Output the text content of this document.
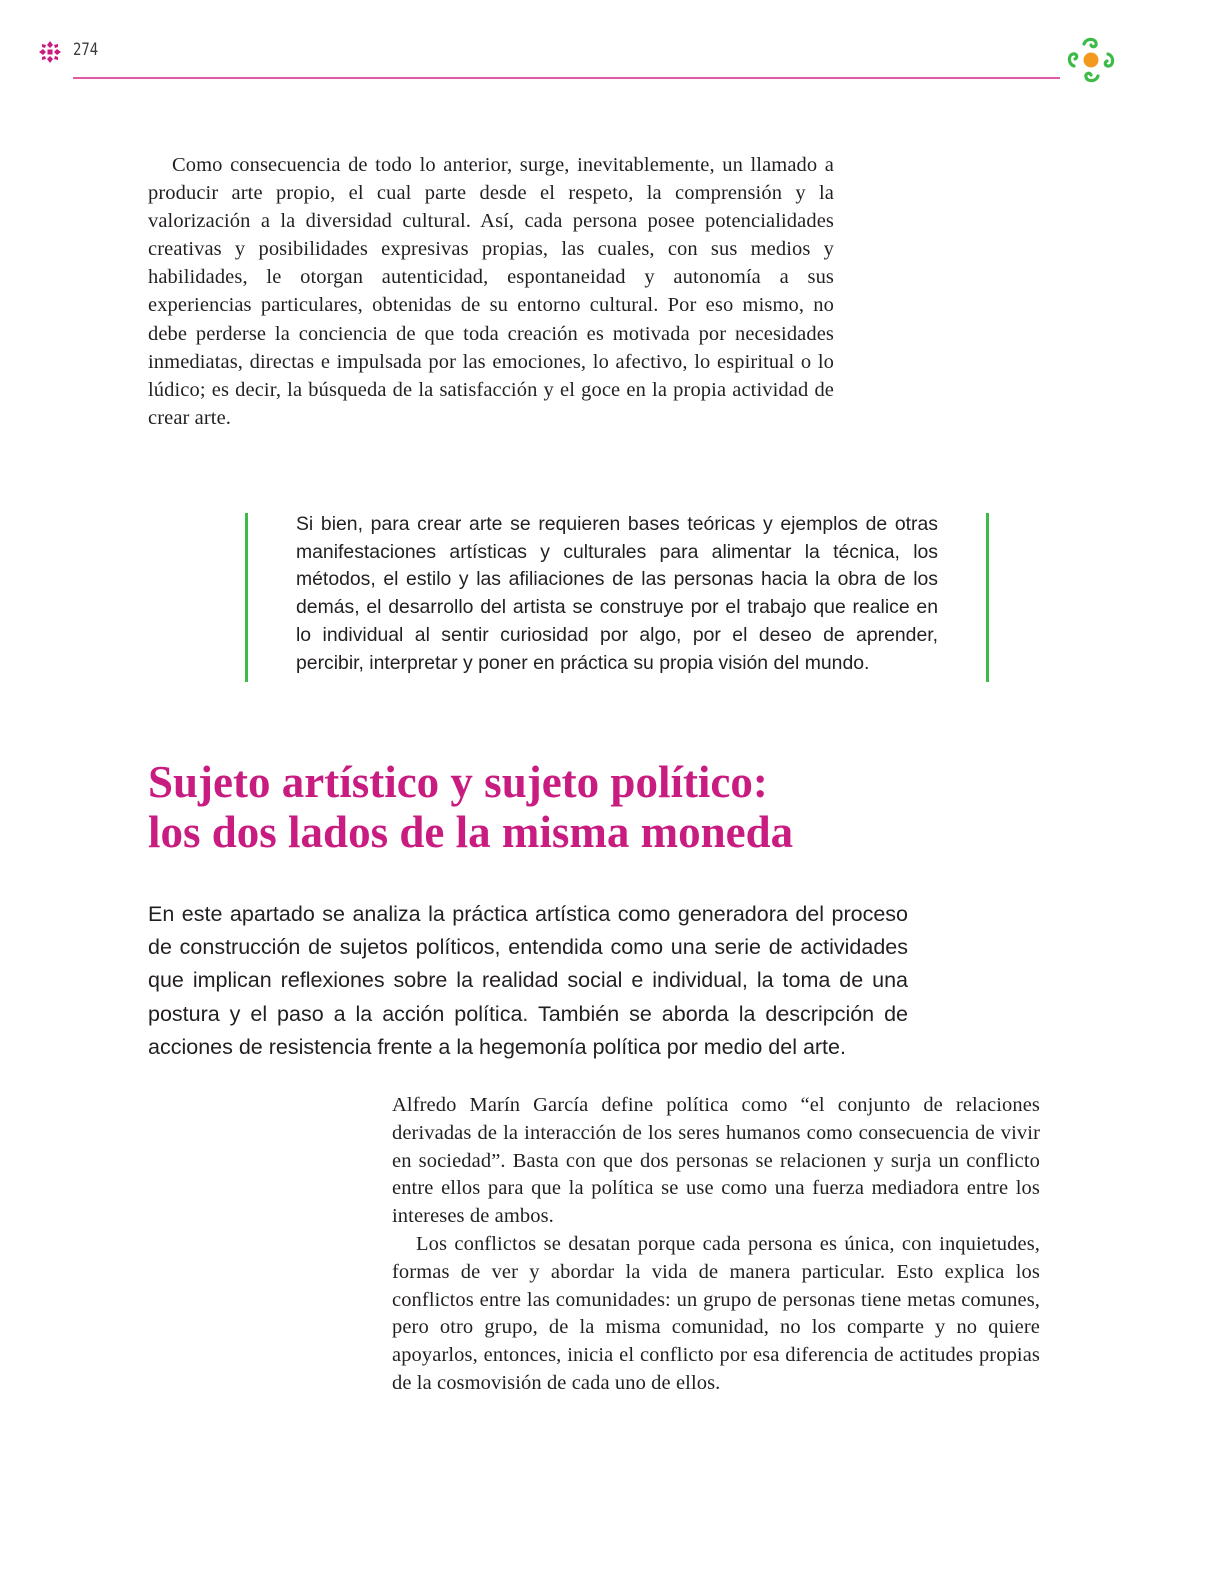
274

Como consecuencia de todo lo anterior, surge, inevitablemente, un llamado a producir arte propio, el cual parte desde el respeto, la comprensión y la valorización a la diversidad cultural. Así, cada persona posee potencialidades creativas y posibilidades expresivas propias, las cuales, con sus medios y habilidades, le otorgan autenticidad, espontaneidad y autonomía a sus experiencias particulares, obtenidas de su entorno cultural. Por eso mismo, no debe perderse la conciencia de que toda creación es motivada por necesidades inmediatas, directas e impulsada por las emociones, lo afectivo, lo espiritual o lo lúdico; es decir, la búsqueda de la satisfacción y el goce en la propia actividad de crear arte.

Si bien, para crear arte se requieren bases teóricas y ejemplos de otras manifestaciones artísticas y culturales para alimentar la técnica, los métodos, el estilo y las afiliaciones de las personas hacia la obra de los demás, el desarrollo del artista se construye por el trabajo que realice en lo individual al sentir curiosidad por algo, por el deseo de aprender, percibir, interpretar y poner en práctica su propia visión del mundo.

Sujeto artístico y sujeto político:
los dos lados de la misma moneda

En este apartado se analiza la práctica artística como generadora del proceso de construcción de sujetos políticos, entendida como una serie de actividades que implican reflexiones sobre la realidad social e individual, la toma de una postura y el paso a la acción política. También se aborda la descripción de acciones de resistencia frente a la hegemonía política por medio del arte.

Alfredo Marín García define política como “el conjunto de relaciones derivadas de la interacción de los seres humanos como consecuencia de vivir en sociedad”. Basta con que dos personas se relacionen y surja un conflicto entre ellos para que la política se use como una fuerza mediadora entre los intereses de ambos.

Los conflictos se desatan porque cada persona es única, con inquietudes, formas de ver y abordar la vida de manera particular. Esto explica los conflictos entre las comunidades: un grupo de personas tiene metas comunes, pero otro grupo, de la misma comunidad, no los comparte y no quiere apoyarlos, entonces, inicia el conflicto por esa diferencia de actitudes propias de la cosmovisión de cada uno de ellos.
